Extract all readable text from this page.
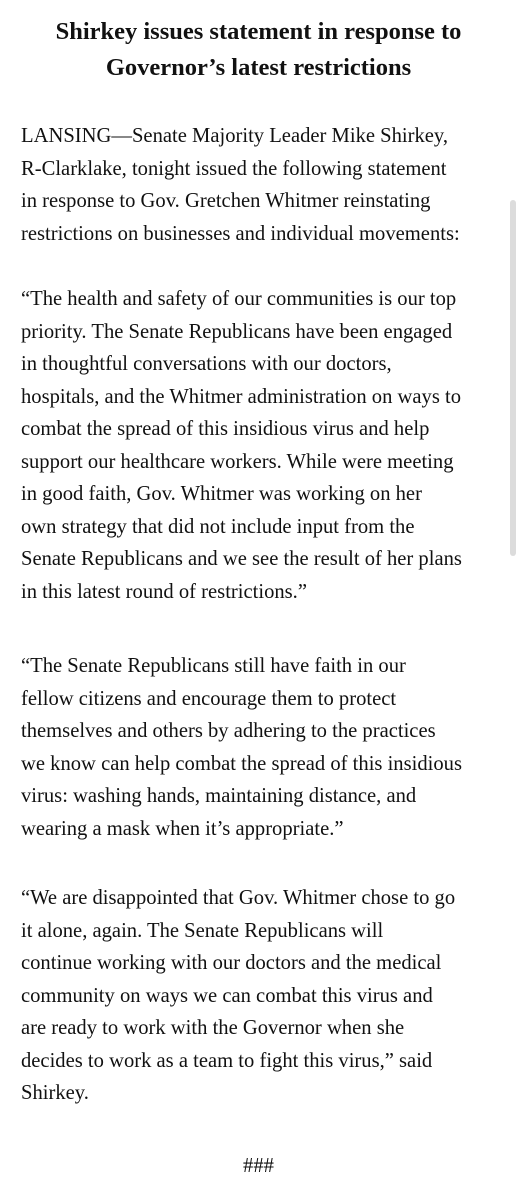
Shirkey issues statement in response to
Governor’s latest restrictions
LANSING—Senate Majority Leader Mike Shirkey,
R-Clarklake, tonight issued the following statement
in response to Gov. Gretchen Whitmer reinstating
restrictions on businesses and individual movements:
“The health and safety of our communities is our top
priority. The Senate Republicans have been engaged
in thoughtful conversations with our doctors,
hospitals, and the Whitmer administration on ways to
combat the spread of this insidious virus and help
support our healthcare workers. While were meeting
in good faith, Gov. Whitmer was working on her
own strategy that did not include input from the
Senate Republicans and we see the result of her plans
in this latest round of restrictions.”
“The Senate Republicans still have faith in our
fellow citizens and encourage them to protect
themselves and others by adhering to the practices
we know can help combat the spread of this insidious
virus: washing hands, maintaining distance, and
wearing a mask when it’s appropriate.”
“We are disappointed that Gov. Whitmer chose to go
it alone, again. The Senate Republicans will
continue working with our doctors and the medical
community on ways we can combat this virus and
are ready to work with the Governor when she
decides to work as a team to fight this virus,” said
Shirkey.
###
